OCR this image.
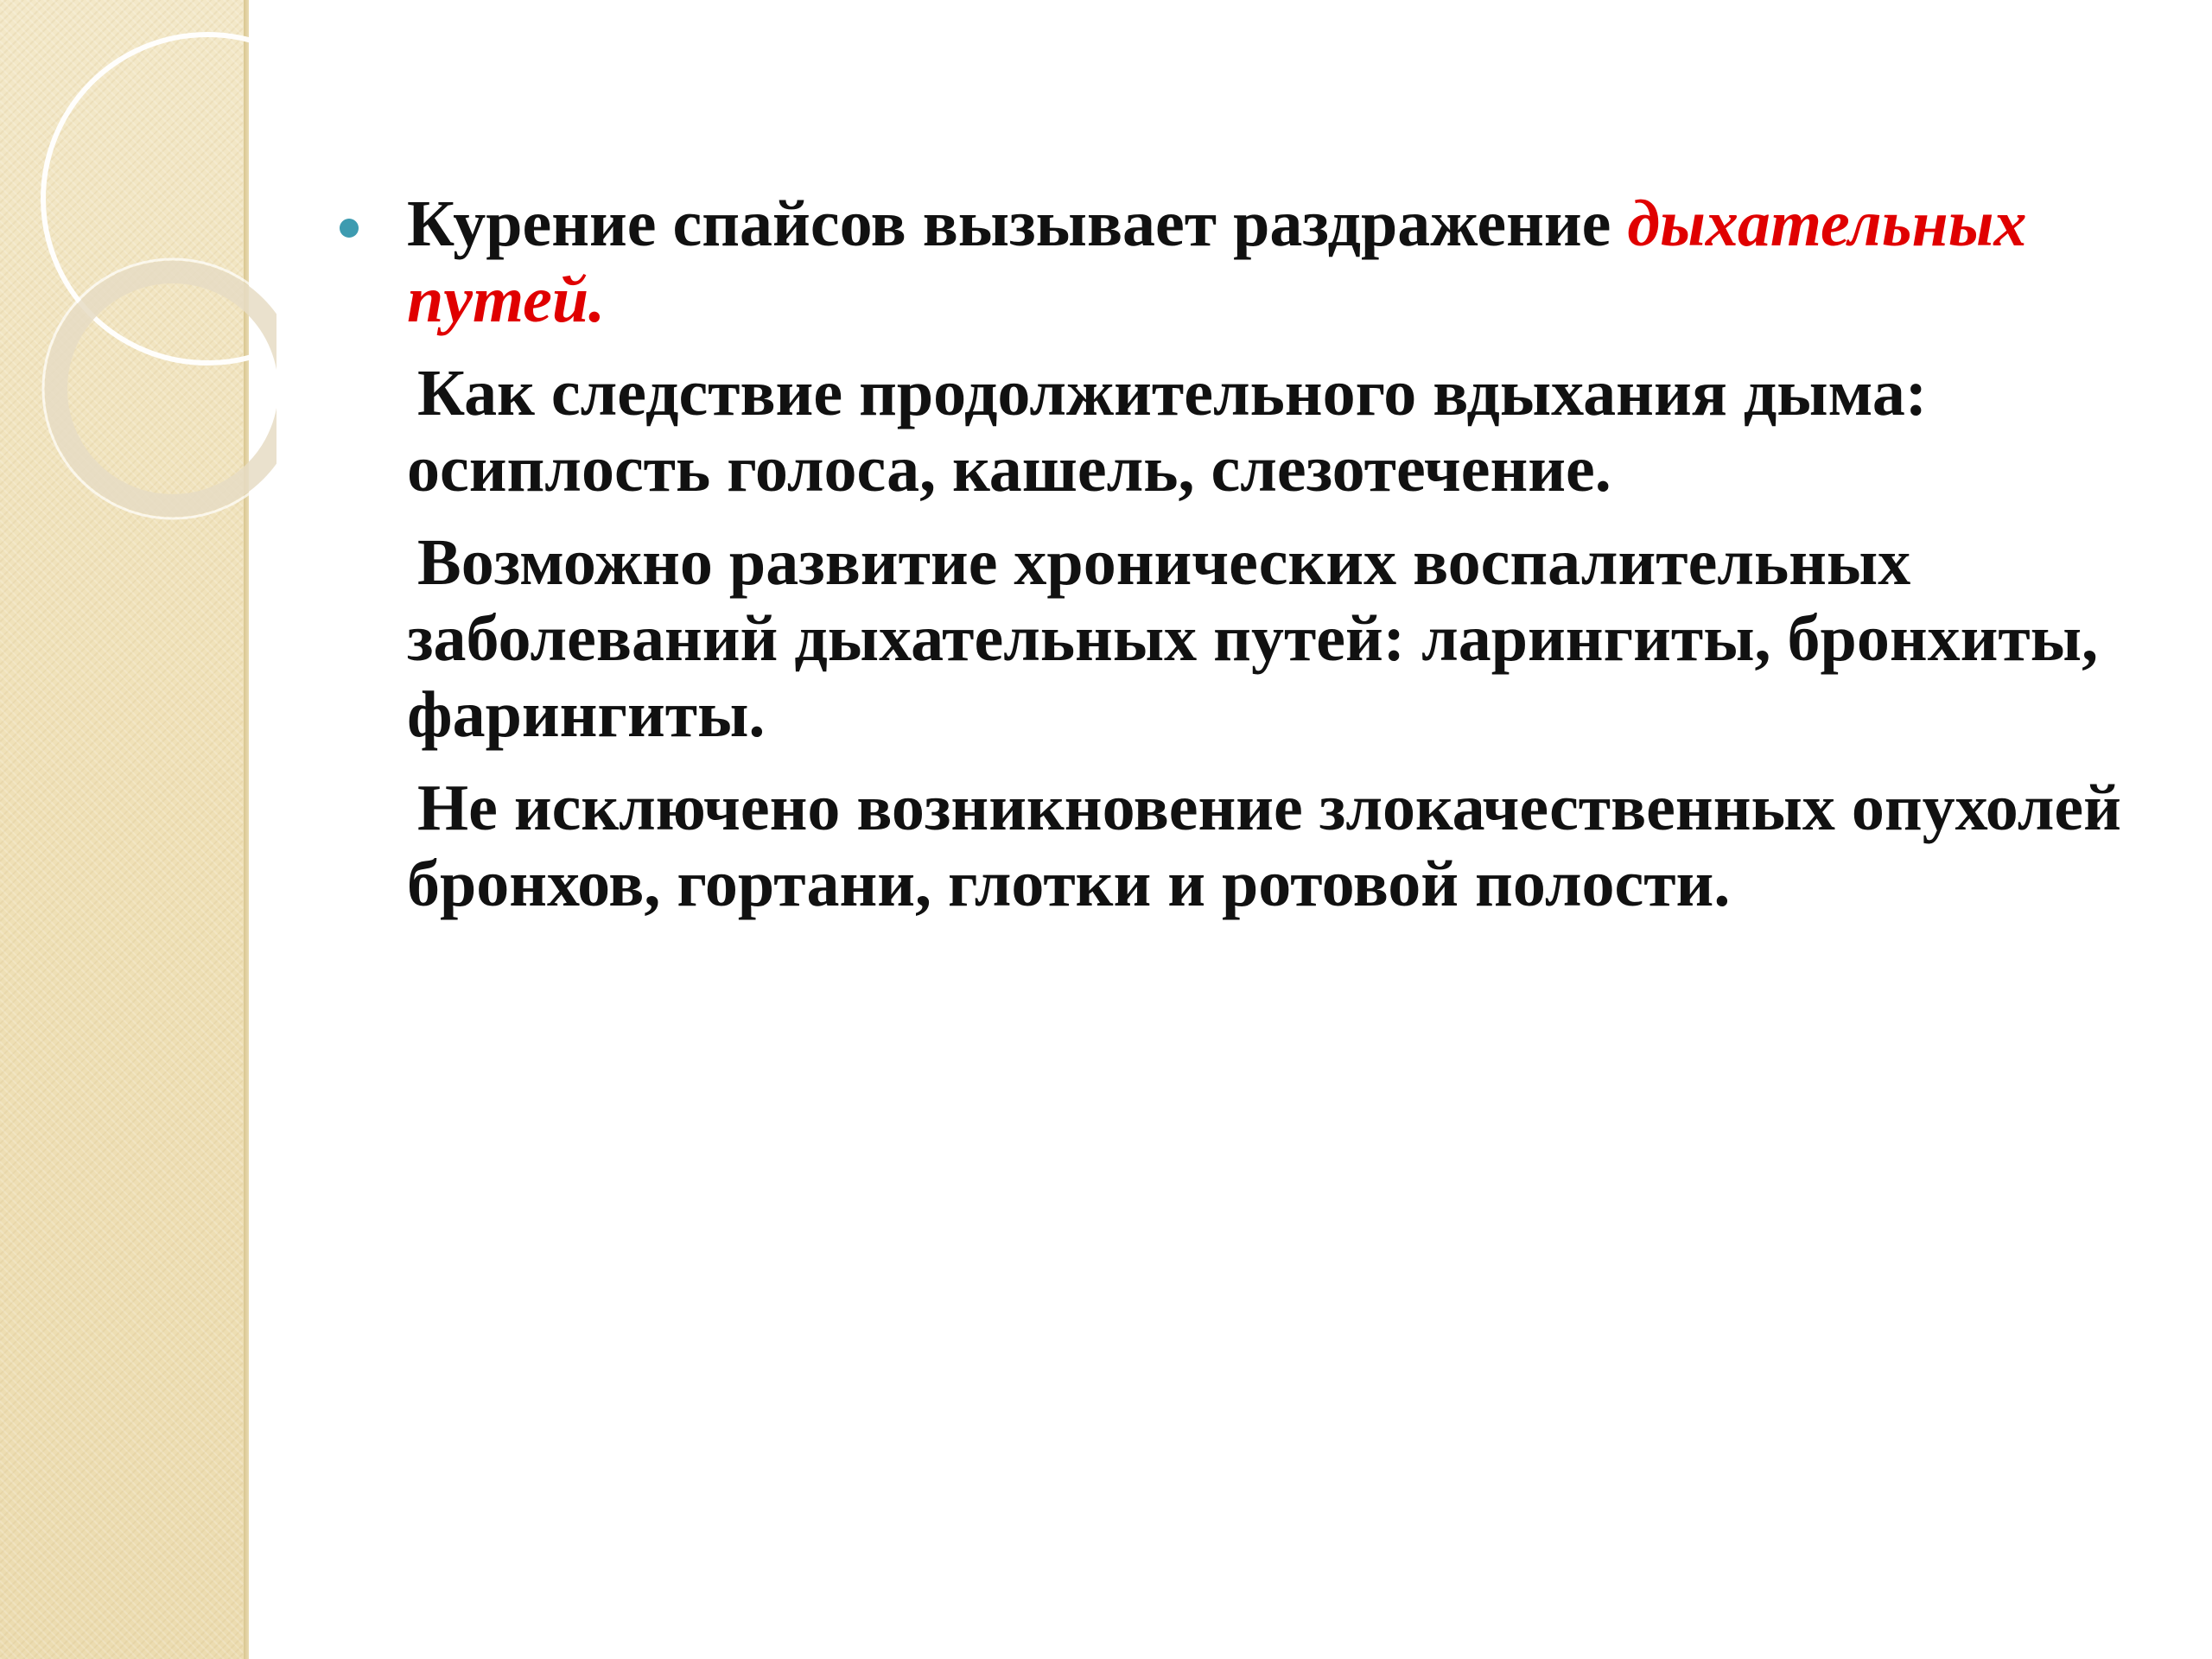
Курение спайсов вызывает раздражение дыхательных путей.

Как следствие продолжительного вдыхания дыма: осиплость голоса, кашель, слезотечение.

Возможно развитие хронических воспалительных заболеваний дыхательных путей: ларингиты, бронхиты, фарингиты.

Не исключено возникновение злокачественных опухолей бронхов, гортани, глотки и ротовой полости.
